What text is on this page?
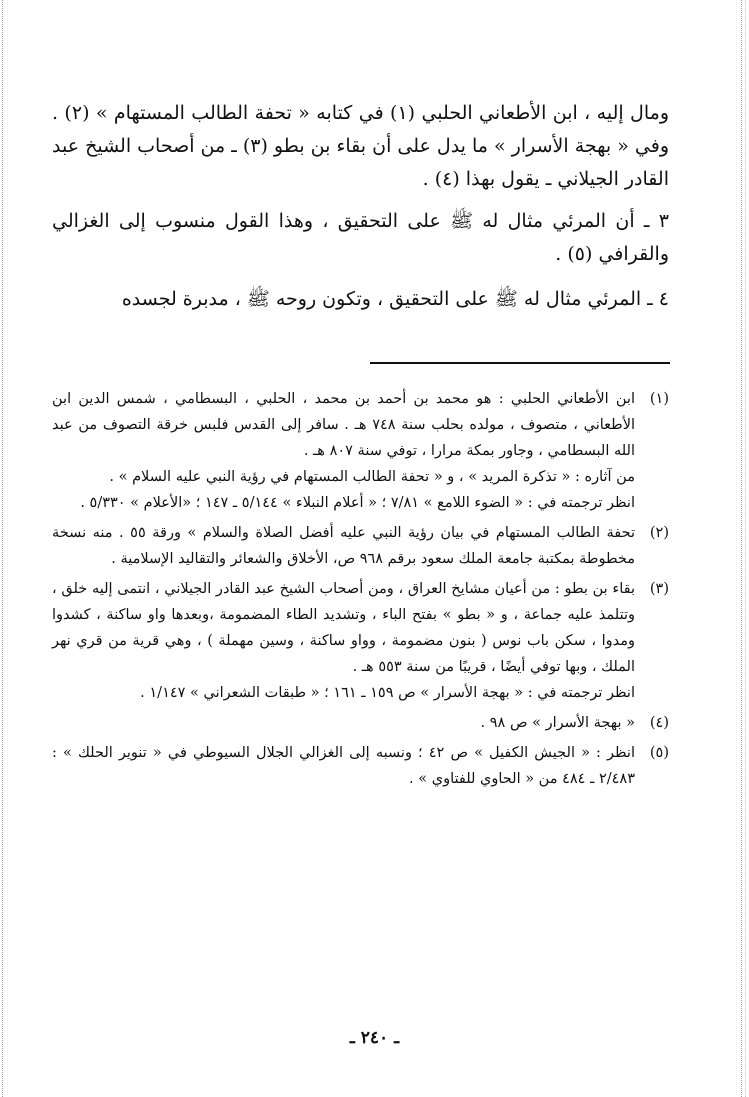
ومال إليه ، ابن الأطعاني الحلبي (١) في كتابه « تحفة الطالب المستهام » (٢) . وفي « بهجة الأسرار » ما يدل على أن بقاء بن بطو (٣) ـ من أصحاب الشيخ عبد القادر الجيلاني ـ يقول بهذا (٤) .

٣ ـ أن المرئي مثال له ﷺ على التحقيق ، وهذا القول منسوب إلى الغزالي والقرافي (٥) .

٤ ـ المرئي مثال له ﷺ على التحقيق ، وتكون روحه ﷺ ، مدبرة لجسده

(١)

ابن الأطعاني الحلبي : هو محمد بن أحمد بن محمد ، الحلبي ، البسطامي ، شمس الدين ابن الأطعاني ، متصوف ، مولده بحلب سنة ٧٤٨ هـ . سافر إلى القدس فلبس خرقة التصوف من عبد الله البسطامي ، وجاور بمكة مرارا ، توفي سنة ٨٠٧ هـ .

من آثاره : « تذكرة المريد » ، و « تحفة الطالب المستهام في رؤية النبي عليه السلام » .

انظر ترجمته في : « الضوء اللامع » ٧/٨١ ؛ « أعلام النبلاء » ٥/١٤٤ ـ ١٤٧ ؛ «الأعلام » ٥/٣٣٠ .

(٢)

تحفة الطالب المستهام في بيان رؤية النبي عليه أفضل الصلاة والسلام » ورقة ٥٥ . منه نسخة مخطوطة بمكتبة جامعة الملك سعود برقم ٩٦٨ ص، الأخلاق والشعائر والتقاليد الإسلامية .

(٣)

بقاء بن بطو : من أعيان مشايخ العراق ، ومن أصحاب الشيخ عبد القادر الجيلاني ، انتمى إليه خلق ، وتتلمذ عليه جماعة ، و « بطو » بفتح الباء ، وتشديد الطاء المضمومة ،وبعدها واو ساكنة ، كشدوا ومدوا ، سكن باب نوس ( بنون مضمومة ، وواو ساكنة ، وسين مهملة ) ، وهي قرية من قري نهر الملك ، وبها توفي أيضًا ، قريبًا من سنة ٥٥٣ هـ .

انظر ترجمته في : « بهجة الأسرار » ص ١٥٩ ـ ١٦١ ؛ « طبقات الشعراني » ١/١٤٧ .

(٤)

« بهجة الأسرار » ص ٩٨ .

(٥)

انظر : « الجيش الكفيل » ص ٤٢ ؛ ونسبه إلى الغزالي الجلال السيوطي في « تنوير الحلك » : ٢/٤٨٣ ـ ٤٨٤ من « الحاوي للفتاوي » .

ـ ٢٤٠ ـ
